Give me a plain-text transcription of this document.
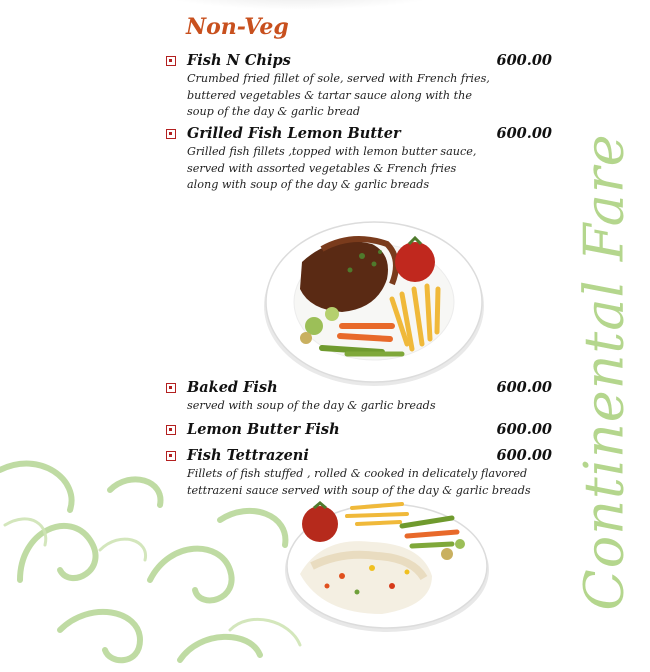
Non-Veg
Fish N Chips	600.00
Crumbed fried fillet of sole, served with French fries,
buttered vegetables & tartar sauce along with the
soup of the day & garlic bread
Grilled Fish Lemon Butter	600.00
Grilled fish fillets ,topped with lemon butter sauce,
served with assorted vegetables & French fries
along with soup of the day & garlic breads
Baked Fish	600.00
served with soup of the day & garlic breads
Lemon Butter Fish	600.00
Fish Tettrazeni	600.00
Fillets of fish stuffed , rolled & cooked in delicately flavored
tettrazeni sauce served with soup of the day & garlic breads Continental Fare
